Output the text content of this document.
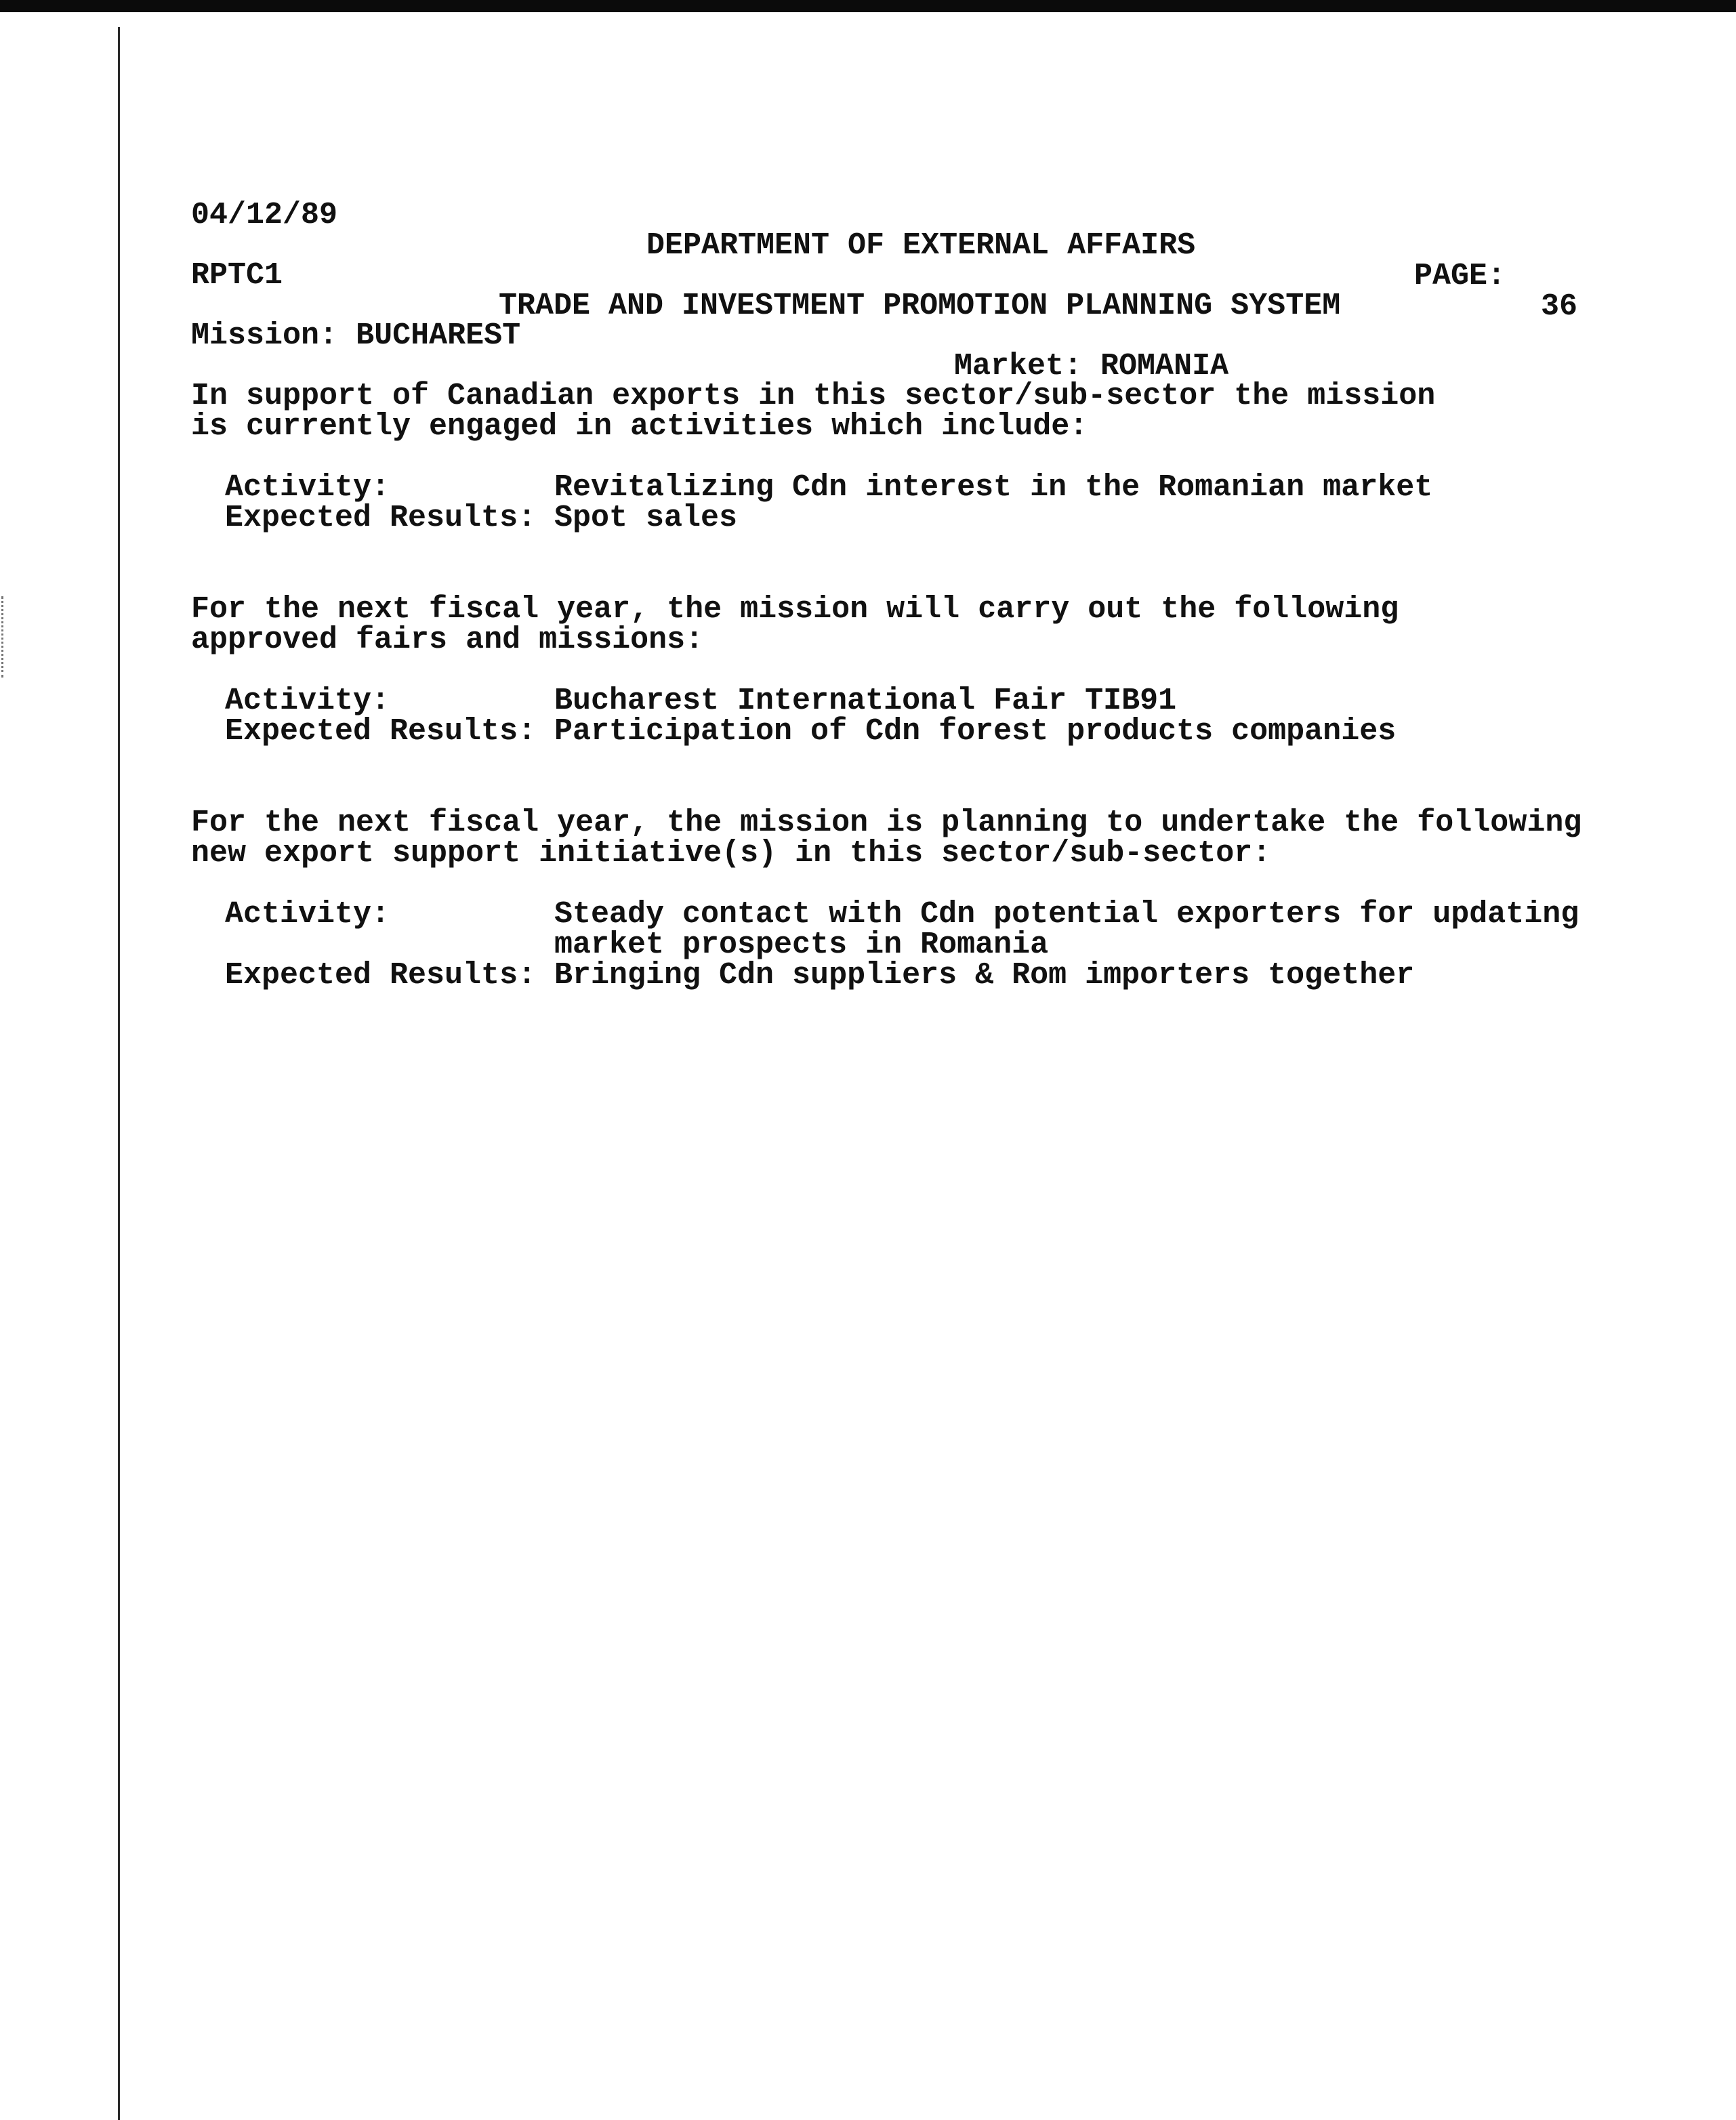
04/12/89

DEPARTMENT OF EXTERNAL AFFAIRS

PAGE:

36

RPTC1

TRADE AND INVESTMENT PROMOTION PLANNING SYSTEM

Mission: BUCHAREST

Market: ROMANIA

In support of Canadian exports in this sector/sub-sector the mission
is currently engaged in activities which include:
Activity:	Revitalizing Cdn interest in the Romanian market
Expected Results: Spot sales
For the next fiscal year, the mission will carry out the following
approved fairs and missions:
Activity:	Bucharest International Fair TIB91
Expected Results: Participation of Cdn forest products companies
For the next fiscal year, the mission is planning to undertake the following
new export support initiative(s) in this sector/sub-sector:
Activity:	Steady contact with Cdn potential exporters for updating
market prospects in Romania
Expected Results: Bringing Cdn suppliers & Rom importers together
